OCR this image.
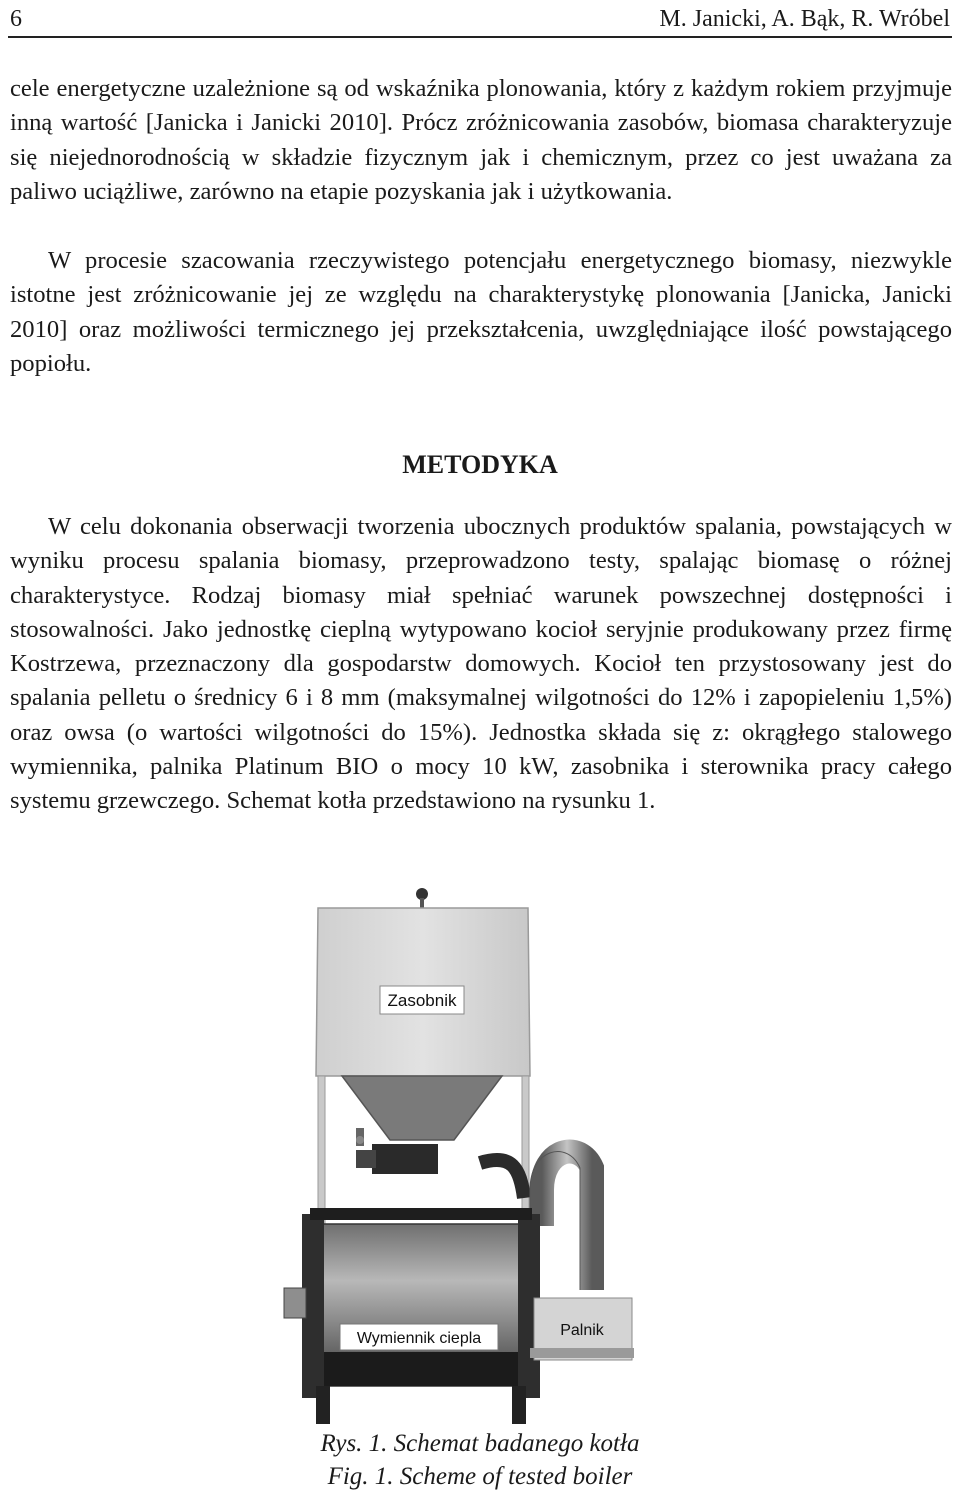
6	M. Janicki, A. Bąk, R. Wróbel

cele energetyczne uzależnione są od wskaźnika plonowania, który z każdym rokiem przyjmuje inną wartość [Janicka i Janicki 2010]. Prócz zróżnicowania zasobów, biomasa charakteryzuje się niejednorodnością w składzie fizycznym jak i chemicznym, przez co jest uważana za paliwo uciążliwe, zarówno na etapie pozyskania jak i użytkowania.

W procesie szacowania rzeczywistego potencjału energetycznego biomasy, niezwykle istotne jest zróżnicowanie jej ze względu na charakterystykę plonowania [Janicka, Janicki 2010] oraz możliwości termicznego jej przekształcenia, uwzględniające ilość powstającego popiołu.

METODYKA

W celu dokonania obserwacji tworzenia ubocznych produktów spalania, powstających w wyniku procesu spalania biomasy, przeprowadzono testy, spalając biomasę o różnej charakterystyce. Rodzaj biomasy miał spełniać warunek powszechnej dostępności i stosowalności. Jako jednostkę cieplną wytypowano kocioł seryjnie produkowany przez firmę Kostrzewa, przeznaczony dla gospodarstw domowych. Kocioł ten przystosowany jest do spalania pelletu o średnicy 6 i 8 mm (maksymalnej wilgotności do 12% i zapopieleniu 1,5%) oraz owsa (o wartości wilgotności do 15%). Jednostka składa się z: okrągłego stalowego wymiennika, palnika Platinum BIO o mocy 10 kW, zasobnika i sterownika pracy całego systemu grzewczego. Schemat kotła przedstawiono na rysunku 1.

Zasobnik
Wymiennik ciepla	Palnik
Rys. 1. Schemat badanego kotła
Fig. 1. Scheme of tested boiler
